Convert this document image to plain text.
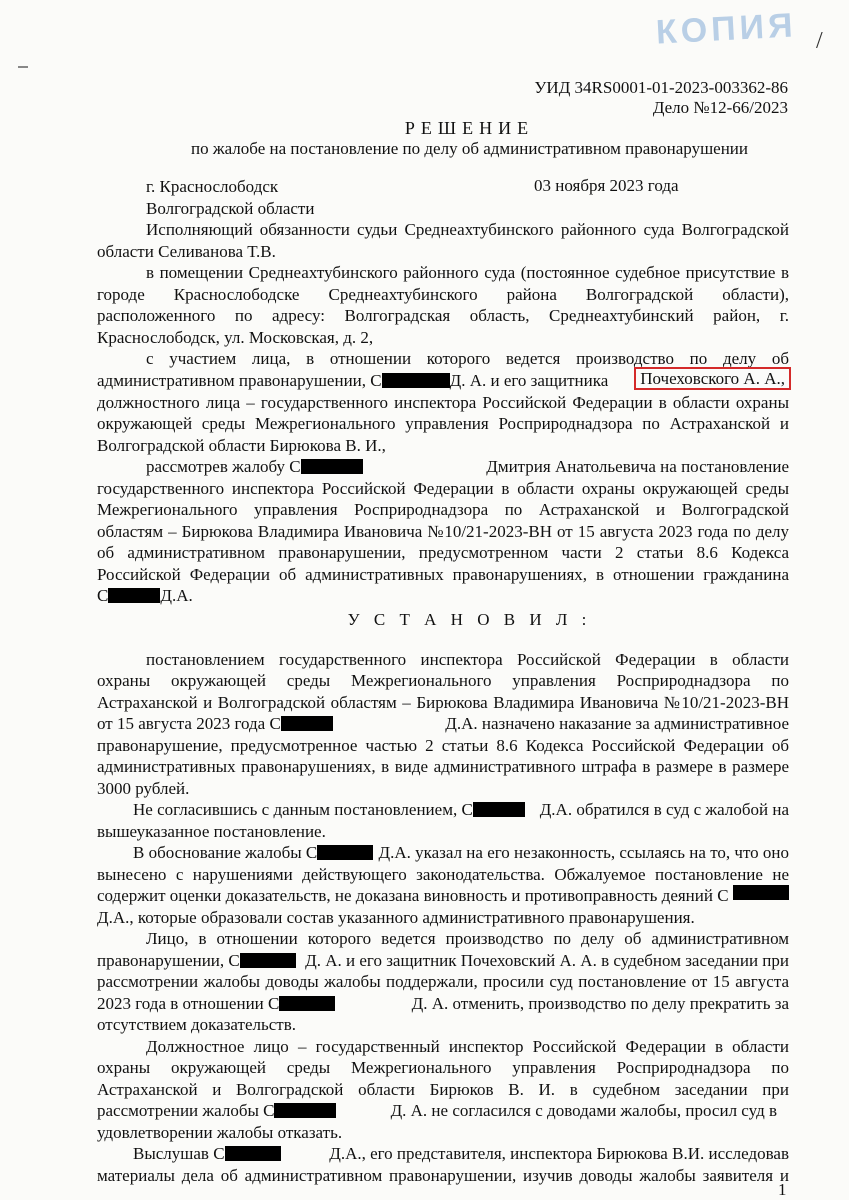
КОПИЯ /
УИД 34RS0001-01-2023-003362-86
Дело №12-66/2023
РЕШЕНИЕ
по жалобе на постановление по делу об административном правонарушении
г. Краснослободск	03 ноября 2023 года
Волгоградской области
Исполняющий обязанности судьи Среднеахтубинского районного суда Волгоградской
области Селиванова Т.В.
в помещении Среднеахтубинского районного суда (постоянное судебное присутствие в
городе Краснослободске Среднеахтубинского района Волгоградской области),
расположенного по адресу: Волгоградская область, Среднеахтубинский район, г.
Краснослободск, ул. Московская, д. 2,
с участием лица, в отношении которого ведется производство по делу об
административном правонарушении, С	Д. А. и его защитника	Почеховского А. А.,
должностного лица – государственного инспектора Российской Федерации в области охраны
окружающей среды Межрегионального управления Росприроднадзора по Астраханской и
Волгоградской области Бирюкова В. И.,
рассмотрев жалобу С	Дмитрия Анатольевича на постановление
государственного инспектора Российской Федерации в области охраны окружающей среды
Межрегионального управления Росприроднадзора по Астраханской и Волгоградской
областям – Бирюкова Владимира Ивановича №10/21-2023-ВН от 15 августа 2023 года по делу
об административном правонарушении, предусмотренном части 2 статьи 8.6 Кодекса
Российской Федерации об административных правонарушениях, в отношении гражданина
С	Д.А.
У С Т А Н О В И Л :
постановлением государственного инспектора Российской Федерации в области
охраны окружающей среды Межрегионального управления Росприроднадзора по
Астраханской и Волгоградской областям – Бирюкова Владимира Ивановича №10/21-2023-ВН
от 15 августа 2023 года С	Д.А. назначено наказание за административное
правонарушение, предусмотренное частью 2 статьи 8.6 Кодекса Российской Федерации об
административных правонарушениях, в виде административного штрафа в размере в размере
3000 рублей.
Не согласившись с данным постановлением, С	Д.А. обратился в суд с жалобой на
вышеуказанное постановление.
В обоснование жалобы С	Д.А. указал на его незаконность, ссылаясь на то, что оно
вынесено с нарушениями действующего законодательства. Обжалуемое постановление не
содержит оценки доказательств, не доказана виновность и противоправность деяний С
Д.А., которые образовали состав указанного административного правонарушения.
Лицо, в отношении которого ведется производство по делу об административном
правонарушении, С	Д. А. и его защитник Почеховский А. А. в судебном заседании при
рассмотрении жалобы доводы жалобы поддержали, просили суд постановление от 15 августа
2023 года в отношении С	Д. А. отменить, производство по делу прекратить за
отсутствием доказательств.
Должностное лицо – государственный инспектор Российской Федерации в области
охраны окружающей среды Межрегионального управления Росприроднадзора по
Астраханской и Волгоградской области Бирюков В. И. в судебном заседании при
рассмотрении жалобы С	Д. А. не согласился с доводами жалобы, просил суд в
удовлетворении жалобы отказать.
Выслушав С	Д.А., его представителя, инспектора Бирюкова В.И. исследовав
материалы дела об административном правонарушении, изучив доводы жалобы заявителя и
1
